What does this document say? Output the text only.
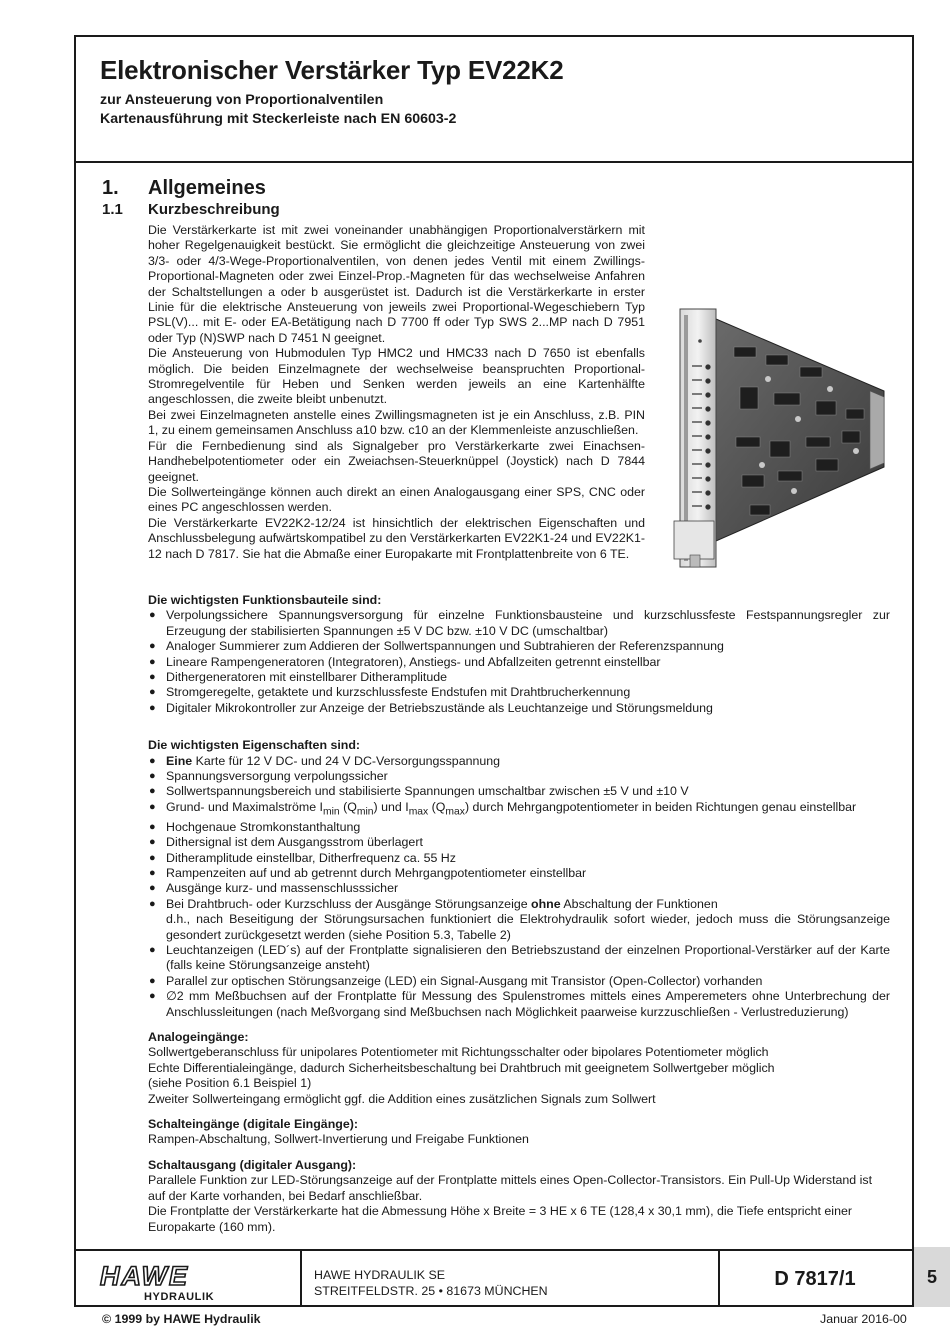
Elektronischer Verstärker Typ EV22K2
zur Ansteuerung von Proportionalventilen
Kartenausführung mit Steckerleiste nach EN 60603-2
1. Allgemeines
1.1 Kurzbeschreibung

Die Verstärkerkarte ist mit zwei voneinander unabhängigen Proportionalverstärkern mit hoher Regelgenauigkeit bestückt. Sie ermöglicht die gleichzeitige Ansteuerung von zwei 3/3- oder 4/3-Wege-Proportionalventilen, von denen jedes Ventil mit einem Zwillings-Proportional-Magneten oder zwei Einzel-Prop.-Magneten für das wechselweise Anfahren der Schaltstellungen a oder b ausgerüstet ist. Dadurch ist die Verstärkerkarte in erster Linie für die elektrische Ansteuerung von jeweils zwei Proportional-Wegeschiebern Typ PSL(V)... mit E- oder EA-Betätigung nach D 7700 ff oder Typ SWS 2...MP nach D 7951 oder Typ (N)SWP nach D 7451 N geeignet.

Die Ansteuerung von Hubmodulen Typ HMC2 und HMC33 nach D 7650 ist ebenfalls möglich. Die beiden Einzelmagnete der wechselweise beanspruchten Proportional-Stromregelventile für Heben und Senken werden jeweils an eine Kartenhälfte angeschlossen, die zweite bleibt unbenutzt.

Bei zwei Einzelmagneten anstelle eines Zwillingsmagneten ist je ein Anschluss, z.B. PIN 1, zu einem gemeinsamen Anschluss a10 bzw. c10 an der Klemmenleiste anzuschließen.

Für die Fernbedienung sind als Signalgeber pro Verstärkerkarte zwei Einachsen-Handhebelpotentiometer oder ein Zweiachsen-Steuerknüppel (Joystick) nach D 7844 geeignet.

Die Sollwerteingänge können auch direkt an einen Analogausgang einer SPS, CNC oder eines PC angeschlossen werden.

Die Verstärkerkarte EV22K2-12/24 ist hinsichtlich der elektrischen Eigenschaften und Anschlussbelegung aufwärtskompatibel zu den Verstärkerkarten EV22K1-24 und EV22K1-12 nach D 7817. Sie hat die Abmaße einer Europakarte mit Frontplattenbreite von 6 TE.

Die wichtigsten Funktionsbauteile sind:
● Verpolungssichere Spannungsversorgung für einzelne Funktionsbausteine und kurzschlussfeste Festspannungsregler zur Erzeugung der stabilisierten Spannungen ±5 V DC bzw. ±10 V DC (umschaltbar)
● Analoger Summierer zum Addieren der Sollwertspannungen und Subtrahieren der Referenzspannung
● Lineare Rampengeneratoren (Integratoren), Anstiegs- und Abfallzeiten getrennt einstellbar
● Dithergeneratoren mit einstellbarer Ditheramplitude
● Stromgeregelte, getaktete und kurzschlussfeste Endstufen mit Drahtbrucherkennung
● Digitaler Mikrokontroller zur Anzeige der Betriebszustände als Leuchtanzeige und Störungsmeldung
Die wichtigsten Eigenschaften sind:
● Eine Karte für 12 V DC- und 24 V DC-Versorgungsspannung
● Spannungsversorgung verpolungssicher
● Sollwertspannungsbereich und stabilisierte Spannungen umschaltbar zwischen ±5 V und ±10 V
● Grund- und Maximalströme $I_{min}$ $(Q_{min})$ und $I_{max}$ $(Q_{max})$ durch Mehrgangpotentiometer in beiden Richtungen genau einstellbar
● Hochgenaue Stromkonstanthaltung
● Dithersignal ist dem Ausgangsstrom überlagert
● Ditheramplitude einstellbar, Ditherfrequenz ca. 55 Hz
● Rampenzeiten auf und ab getrennt durch Mehrgangpotentiometer einstellbar
● Ausgänge kurz- und massenschlusssicher
● Bei Drahtbruch- oder Kurzschluss der Ausgänge Störungsanzeige ohne Abschaltung der Funktionen
d.h., nach Beseitigung der Störungsursachen funktioniert die Elektrohydraulik sofort wieder, jedoch muss die Störungsanzeige gesondert zurückgesetzt werden (siehe Position 5.3, Tabelle 2)
● Leuchtanzeigen (LED´s) auf der Frontplatte signalisieren den Betriebszustand der einzelnen Proportional-Verstärker auf der Karte (falls keine Störungsanzeige ansteht)
● Parallel zur optischen Störungsanzeige (LED) ein Signal-Ausgang mit Transistor (Open-Collector) vorhanden
● ∅2 mm Meßbuchsen auf der Frontplatte für Messung des Spulenstromes mittels eines Amperemeters ohne Unterbrechung der Anschlussleitungen (nach Meßvorgang sind Meßbuchsen nach Möglichkeit paarweise kurzzuschließen - Verlustreduzierung)
Analogeingänge:

Sollwertgeberanschluss für unipolares Potentiometer mit Richtungsschalter oder bipolares Potentiometer möglich

Echte Differentialeingänge, dadurch Sicherheitsbeschaltung bei Drahtbruch mit geeignetem Sollwertgeber möglich

(siehe Position 6.1 Beispiel 1)

Zweiter Sollwerteingang ermöglicht ggf. die Addition eines zusätzlichen Signals zum Sollwert

Schalteingänge (digitale Eingänge):

Rampen-Abschaltung, Sollwert-Invertierung und Freigabe Funktionen

Schaltausgang (digitaler Ausgang):

Parallele Funktion zur LED-Störungsanzeige auf der Frontplatte mittels eines Open-Collector-Transistors. Ein Pull-Up Widerstand ist auf der Karte vorhanden, bei Bedarf anschließbar.

Die Frontplatte der Verstärkerkarte hat die Abmessung Höhe x Breite = 3 HE x 6 TE (128,4 x 30,1 mm), die Tiefe entspricht einer Europakarte (160 mm).

HAWE
HYDRAULIK
HAWE HYDRAULIK SE
STREITFELDSTR. 25 • 81673 MÜNCHEN
D 7817/1	5
© 1999 by HAWE Hydraulik	Januar 2016-00
